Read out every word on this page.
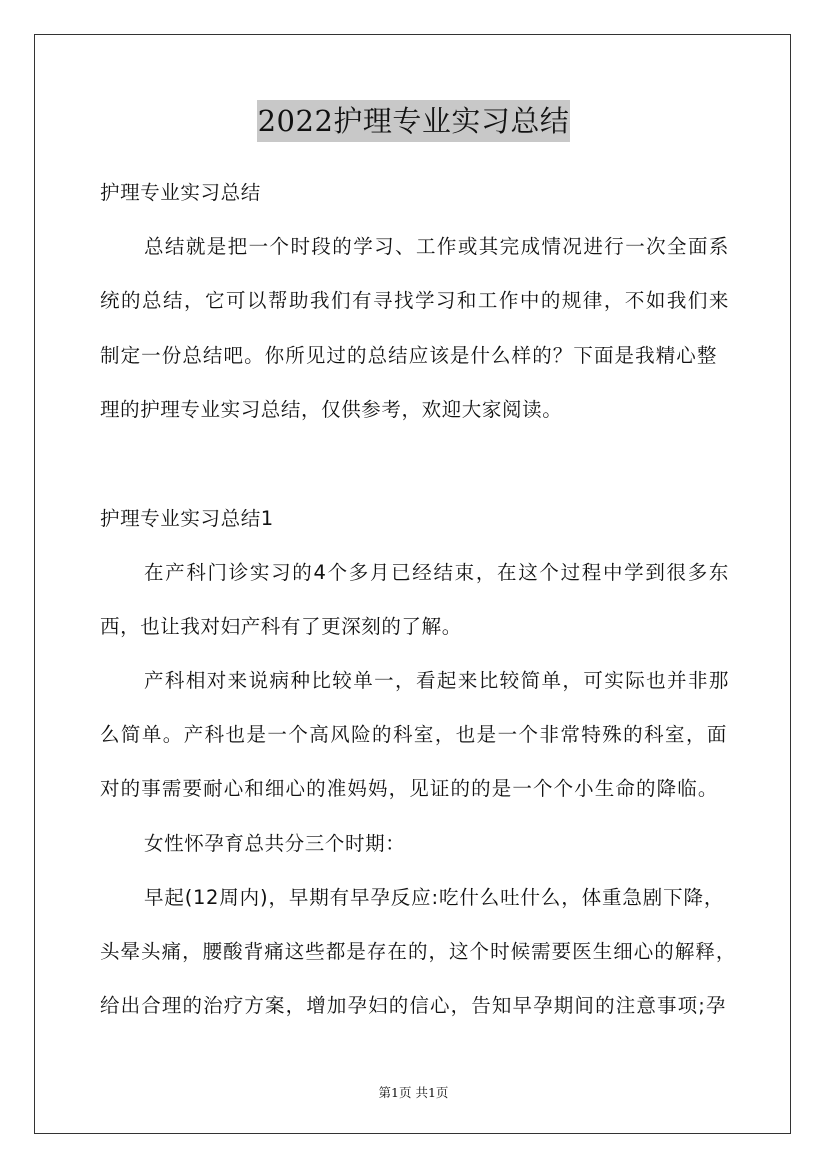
2022护理专业实习总结
护理专业实习总结
总结就是把一个时段的学习、工作或其完成情况进行一次全面系
统的总结，它可以帮助我们有寻找学习和工作中的规律，不如我们来
制定一份总结吧。你所见过的总结应该是什么样的？下面是我精心整
理的护理专业实习总结，仅供参考，欢迎大家阅读。
护理专业实习总结1
在产科门诊实习的4个多月已经结束，在这个过程中学到很多东
西，也让我对妇产科有了更深刻的了解。
产科相对来说病种比较单一，看起来比较简单，可实际也并非那
么简单。产科也是一个高风险的科室，也是一个非常特殊的科室，面
对的事需要耐心和细心的准妈妈，见证的的是一个个小生命的降临。
女性怀孕育总共分三个时期：
早起(12周内)，早期有早孕反应:吃什么吐什么，体重急剧下降，
头晕头痛，腰酸背痛这些都是存在的，这个时候需要医生细心的解释，
给出合理的治疗方案，增加孕妇的信心，告知早孕期间的注意事项;孕
第1页 共1页
